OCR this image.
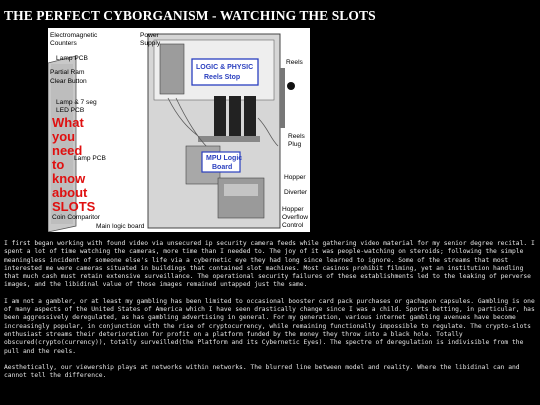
THE PERFECT CYBORGANISM - WATCHING THE SLOTS
Electromagnetic
Counters
Power
Supply
Lamp PCB
Partial Ram
Clear Button
Lamp & 7 seg
LED PCB
Lamp PCB
Coin Comparitor
Main logic board
Reels
Reels
Plug
Hopper
Diverter
Hopper
Overflow
Control
LOGIC & PHYSIC
Reels Stop
MPU Logic
Board
What
you
need
to
know
about
SLOTS

I first began working with found video via unsecured ip security camera feeds while gathering video material for my senior degree recital. I spent a lot of time watching the cameras, more time than I needed to. The joy of it was people-watching on steroids; following the simple meaningless incident of someone else's life via a cybernetic eye they had long since learned to ignore. Some of the streams that most interested me were cameras situated in buildings that contained slot machines. Most casinos prohibit filming, yet an institution handling that much cash must retain extensive surveillance. The operational security failures of these establishments led to the leaking of perverse images, and the libidinal value of those images remained untapped just the same.

I am not a gambler, or at least my gambling has been limited to occasional booster card pack purchases or gachapon capsules. Gambling is one of many aspects of the United States of America which I have seen drastically change since I was a child. Sports betting, in particular, has been aggressively deregulated, as has gambling advertising in general. For my generation, various internet gambling avenues have become increasingly popular, in conjunction with the rise of cryptocurrency, while remaining functionally impossible to regulate. The crypto-slots enthusiast streams their deterioration for profit on a platform funded by the money they throw into a black hole. Totally obscured(crypto(currency)), totally surveilled(the Platform and its Cybernetic Eyes). The spectre of deregulation is indivisible from the pull and the reels.

Aesthetically, our viewership plays at networks within networks. The blurred line between model and reality. Where the libidinal can and cannot tell the difference.
